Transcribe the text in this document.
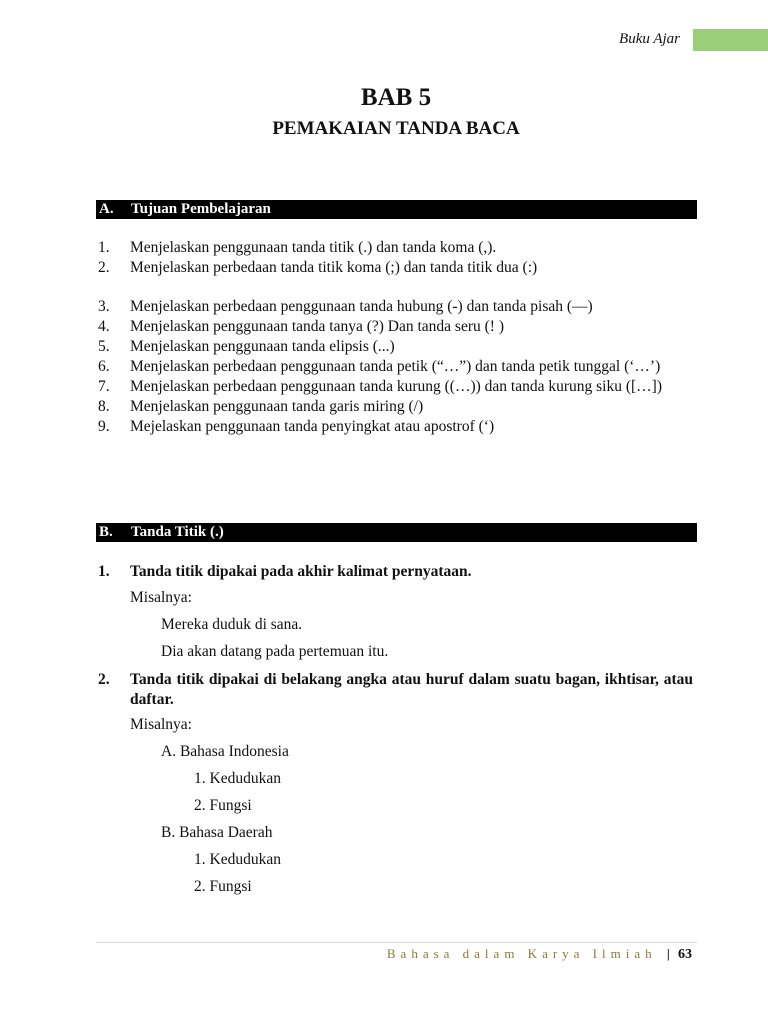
Buku Ajar
BAB 5
PEMAKAIAN TANDA BACA
A. Tujuan Pembelajaran
1. Menjelaskan penggunaan tanda titik (.) dan tanda koma (,).
2. Menjelaskan perbedaan tanda titik koma (;) dan tanda titik dua (:)
3. Menjelaskan perbedaan penggunaan tanda hubung (-) dan tanda pisah (—)
4. Menjelaskan penggunaan tanda tanya (?) Dan tanda seru (! )
5. Menjelaskan penggunaan tanda elipsis (...)
6. Menjelaskan perbedaan penggunaan tanda petik (“…”) dan tanda petik tunggal (‘…’)
7. Menjelaskan perbedaan penggunaan tanda kurung ((…)) dan tanda kurung siku ([…])
8. Menjelaskan penggunaan tanda garis miring (/)
9. Mejelaskan penggunaan tanda penyingkat atau apostrof (‘)
B. Tanda Titik (.)
1. Tanda titik dipakai pada akhir kalimat pernyataan.
Misalnya:
Mereka duduk di sana.
Dia akan datang pada pertemuan itu.
2. Tanda titik dipakai di belakang angka atau huruf dalam suatu bagan, ikhtisar, atau daftar.
Misalnya:
A. Bahasa Indonesia
1. Kedudukan
2. Fungsi
B. Bahasa Daerah
1. Kedudukan
2. Fungsi
Bahasa dalam Karya Ilmiah | 63
